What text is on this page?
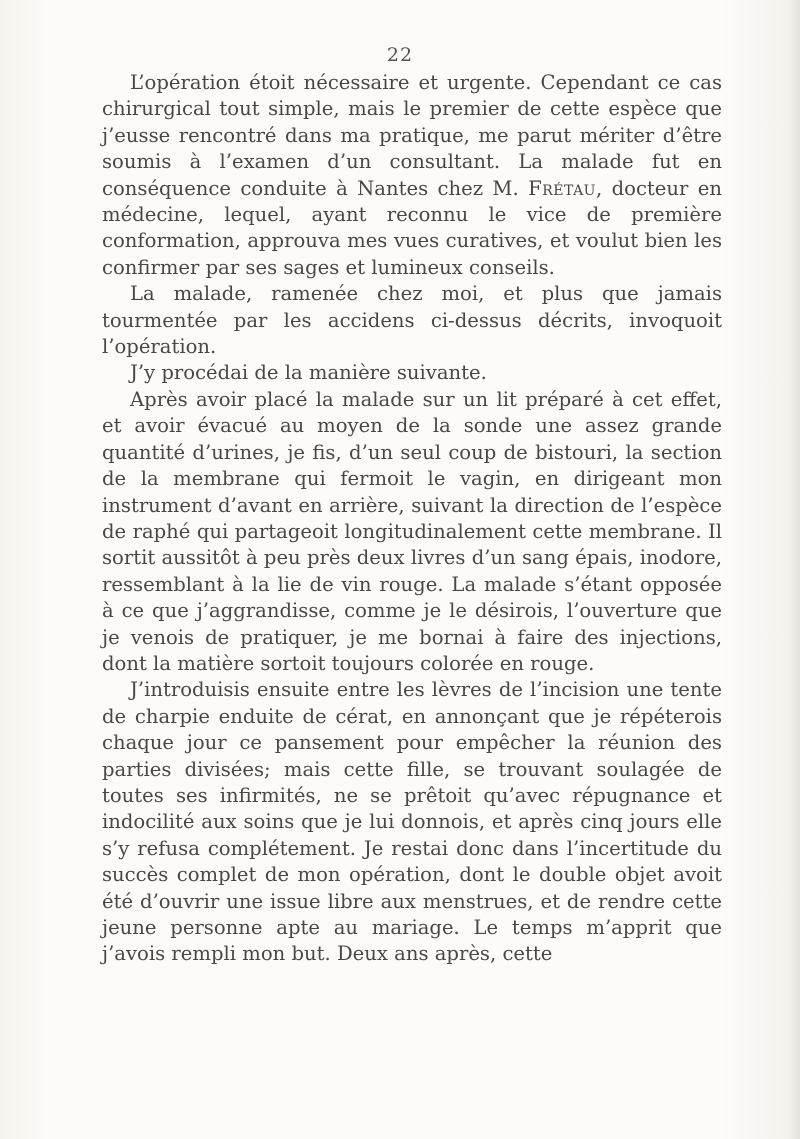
22

L’opération étoit nécessaire et urgente. Cependant ce cas chirurgical tout simple, mais le premier de cette espèce que j’eusse rencontré dans ma pratique, me parut mériter d’être soumis à l’examen d’un consultant. La malade fut en conséquence conduite à Nantes chez M. Frétau, docteur en médecine, lequel, ayant reconnu le vice de première conformation, approuva mes vues curatives, et voulut bien les confirmer par ses sages et lumineux conseils.

La malade, ramenée chez moi, et plus que jamais tourmentée par les accidens ci-dessus décrits, invoquoit l’opération.

J’y procédai de la manière suivante.

Après avoir placé la malade sur un lit préparé à cet effet, et avoir évacué au moyen de la sonde une assez grande quantité d’urines, je fis, d’un seul coup de bistouri, la section de la membrane qui fermoit le vagin, en dirigeant mon instrument d’avant en arrière, suivant la direction de l’espèce de raphé qui partageoit longitudinalement cette membrane. Il sortit aussitôt à peu près deux livres d’un sang épais, inodore, ressemblant à la lie de vin rouge. La malade s’étant opposée à ce que j’aggrandisse, comme je le désirois, l’ouverture que je venois de pratiquer, je me bornai à faire des injections, dont la matière sortoit toujours colorée en rouge.

J’introduisis ensuite entre les lèvres de l’incision une tente de charpie enduite de cérat, en annonçant que je répéterois chaque jour ce pansement pour empêcher la réunion des parties divisées; mais cette fille, se trouvant soulagée de toutes ses infirmités, ne se prêtoit qu’avec répugnance et indocilité aux soins que je lui donnois, et après cinq jours elle s’y refusa complétement. Je restai donc dans l’incertitude du succès complet de mon opération, dont le double objet avoit été d’ouvrir une issue libre aux menstrues, et de rendre cette jeune personne apte au mariage. Le temps m’apprit que j’avois rempli mon but. Deux ans après, cette
